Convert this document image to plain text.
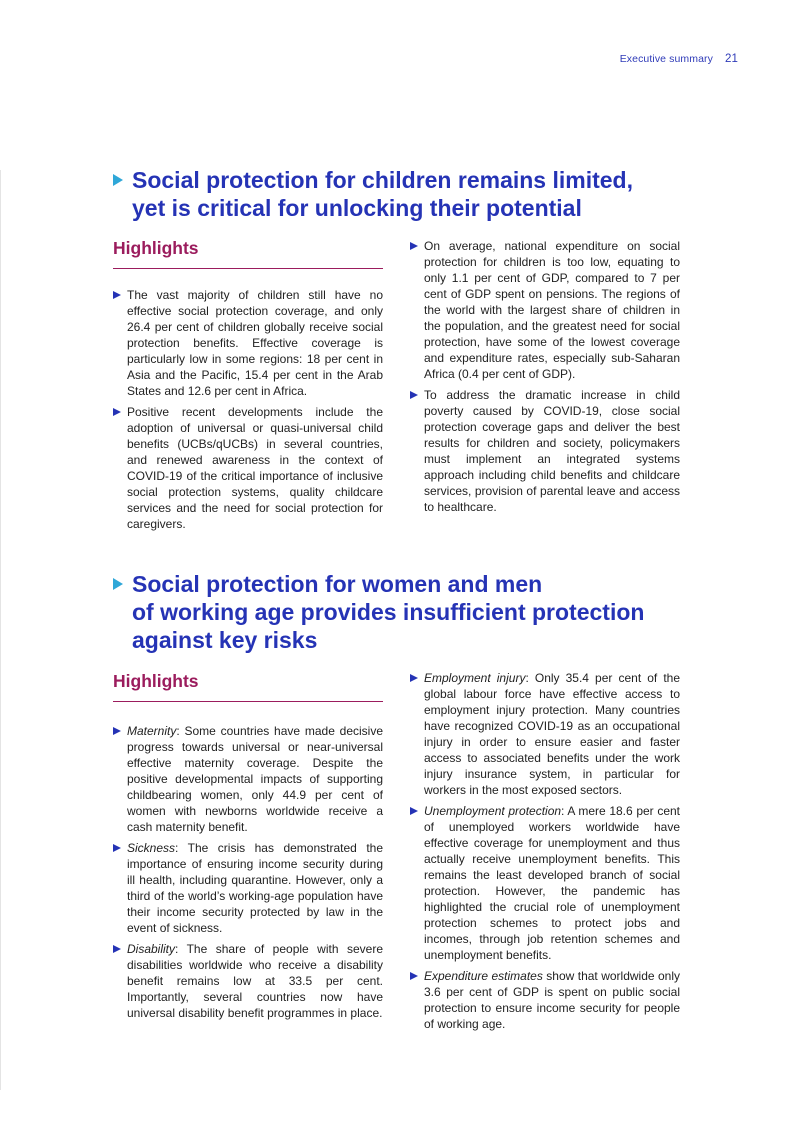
Executive summary 21
Social protection for children remains limited,
yet is critical for unlocking their potential
Highlights
The vast majority of children still have no effective social protection coverage, and only 26.4 per cent of children globally receive social protection benefits. Effective coverage is particularly low in some regions: 18 per cent in Asia and the Pacific, 15.4 per cent in the Arab States and 12.6 per cent in Africa.
Positive recent developments include the adoption of universal or quasi-universal child benefits (UCBs/qUCBs) in several countries, and renewed awareness in the context of COVID-19 of the critical importance of inclusive social protection systems, quality childcare services and the need for social protection for caregivers.
On average, national expenditure on social protection for children is too low, equating to only 1.1 per cent of GDP, compared to 7 per cent of GDP spent on pensions. The regions of the world with the largest share of children in the population, and the greatest need for social protection, have some of the lowest coverage and expenditure rates, especially sub-Saharan Africa (0.4 per cent of GDP).
To address the dramatic increase in child poverty caused by COVID-19, close social protection coverage gaps and deliver the best results for children and society, policymakers must implement an integrated systems approach including child benefits and childcare services, provision of parental leave and access to healthcare.
Social protection for women and men
of working age provides insufficient protection
against key risks
Highlights
Maternity: Some countries have made decisive progress towards universal or near-universal effective maternity coverage. Despite the positive developmental impacts of supporting childbearing women, only 44.9 per cent of women with newborns worldwide receive a cash maternity benefit.
Sickness: The crisis has demonstrated the importance of ensuring income security during ill health, including quarantine. However, only a third of the world’s working-age population have their income security protected by law in the event of sickness.
Disability: The share of people with severe disabilities worldwide who receive a disability benefit remains low at 33.5 per cent. Importantly, several countries now have universal disability benefit programmes in place.
Employment injury: Only 35.4 per cent of the global labour force have effective access to employment injury protection. Many countries have recognized COVID-19 as an occupational injury in order to ensure easier and faster access to associated benefits under the work injury insurance system, in particular for workers in the most exposed sectors.
Unemployment protection: A mere 18.6 per cent of unemployed workers worldwide have effective coverage for unemployment and thus actually receive unemployment benefits. This remains the least developed branch of social protection. However, the pandemic has highlighted the crucial role of unemployment protection schemes to protect jobs and incomes, through job retention schemes and unemployment benefits.
Expenditure estimates show that worldwide only 3.6 per cent of GDP is spent on public social protection to ensure income security for people of working age.
